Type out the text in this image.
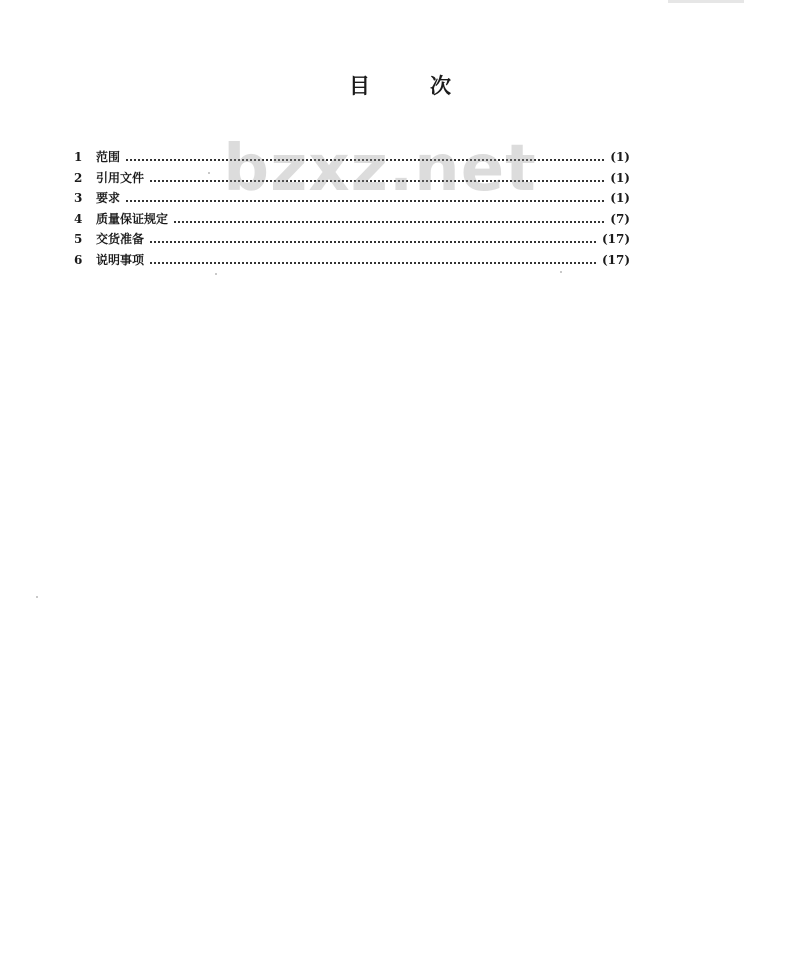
目	次
bzxz.net
1	范围	(1)
2	引用文件	(1)
3	要求	(1)
4	质量保证规定	(7)
5	交货准备	(17)
6	说明事项	(17)
